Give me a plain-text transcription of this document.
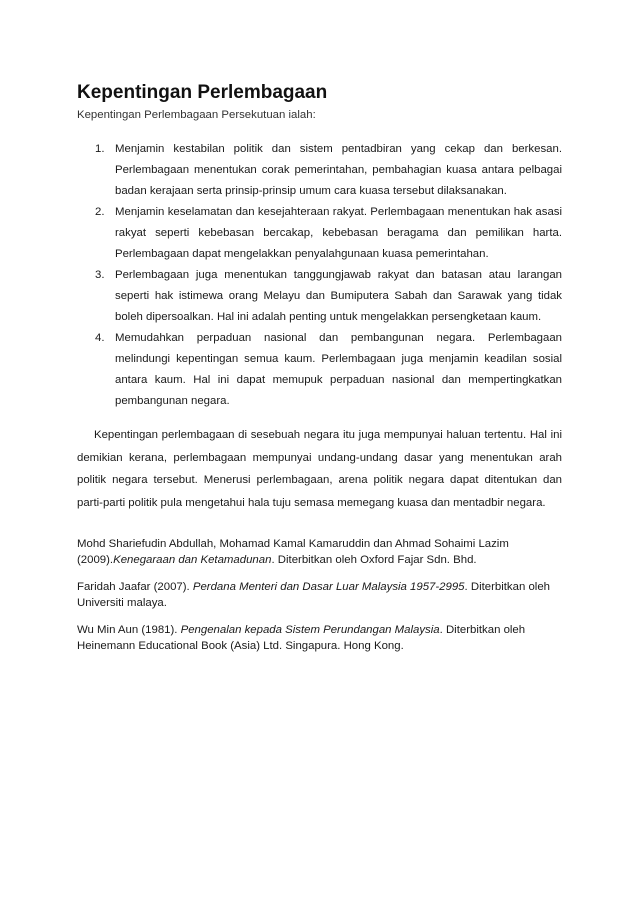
Kepentingan Perlembagaan

Kepentingan Perlembagaan Persekutuan ialah:

1. Menjamin kestabilan politik dan sistem pentadbiran yang cekap dan berkesan. Perlembagaan menentukan corak pemerintahan, pembahagian kuasa antara pelbagai badan kerajaan serta prinsip-prinsip umum cara kuasa tersebut dilaksanakan.
2. Menjamin keselamatan dan kesejahteraan rakyat. Perlembagaan menentukan hak asasi rakyat seperti kebebasan bercakap, kebebasan beragama dan pemilikan harta. Perlembagaan dapat mengelakkan penyalahgunaan kuasa pemerintahan.
3. Perlembagaan juga menentukan tanggungjawab rakyat dan batasan atau larangan seperti hak istimewa orang Melayu dan Bumiputera Sabah dan Sarawak yang tidak boleh dipersoalkan. Hal ini adalah penting untuk mengelakkan persengketaan kaum.
4. Memudahkan perpaduan nasional dan pembangunan negara. Perlembagaan melindungi kepentingan semua kaum. Perlembagaan juga menjamin keadilan sosial antara kaum. Hal ini dapat memupuk perpaduan nasional dan mempertingkatkan pembangunan negara.

Kepentingan perlembagaan di sesebuah negara itu juga mempunyai haluan tertentu. Hal ini demikian kerana, perlembagaan mempunyai undang-undang dasar yang menentukan arah politik negara tersebut. Menerusi perlembagaan, arena politik negara dapat ditentukan dan parti-parti politik pula mengetahui hala tuju semasa memegang kuasa dan mentadbir negara.

Mohd Shariefudin Abdullah, Mohamad Kamal Kamaruddin dan Ahmad Sohaimi Lazim (2009).Kenegaraan dan Ketamadunan. Diterbitkan oleh Oxford Fajar Sdn. Bhd.

Faridah Jaafar (2007). Perdana Menteri dan Dasar Luar Malaysia 1957-2995. Diterbitkan oleh Universiti malaya.

Wu Min Aun (1981). Pengenalan kepada Sistem Perundangan Malaysia. Diterbitkan oleh Heinemann Educational Book (Asia) Ltd. Singapura. Hong Kong.
